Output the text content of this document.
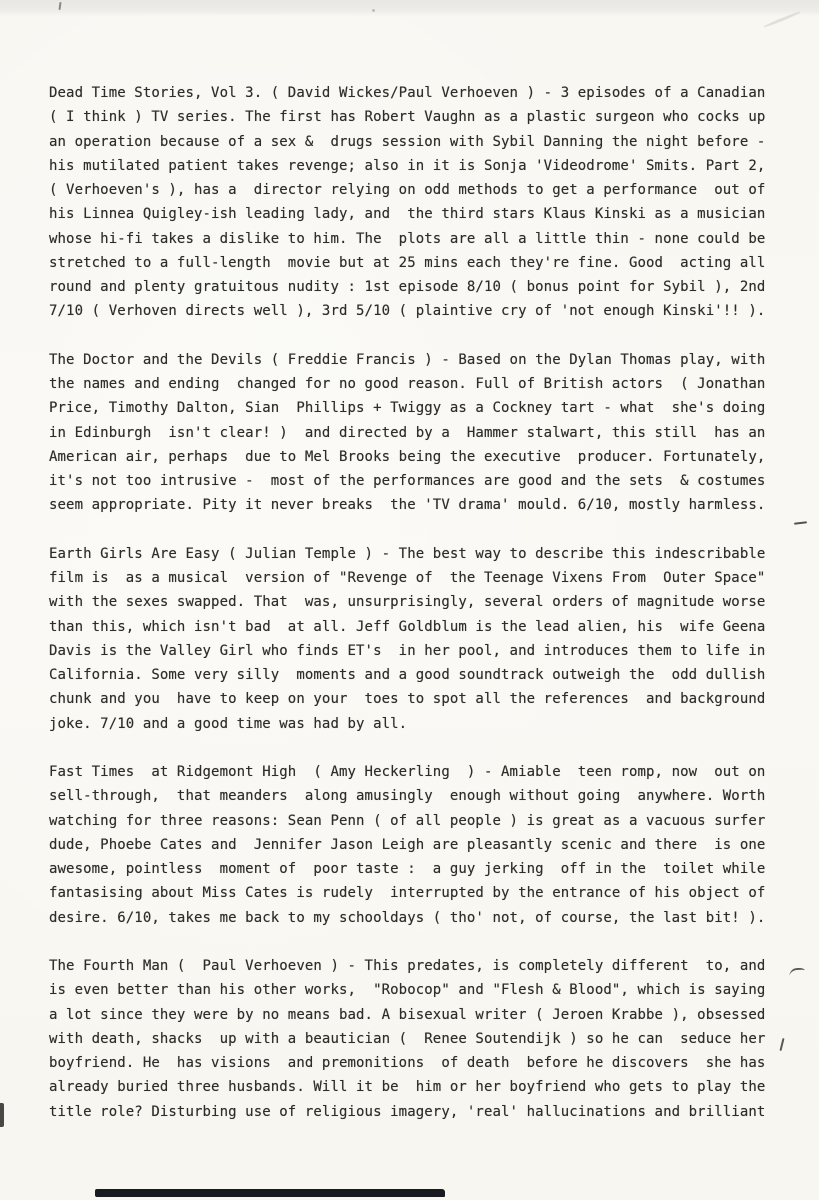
Dead Time Stories, Vol 3. ( David Wickes/Paul Verhoeven ) - 3 episodes of a Canadian
( I think ) TV series. The first has Robert Vaughn as a plastic surgeon who cocks up
an operation because of a sex &  drugs session with Sybil Danning the night before -
his mutilated patient takes revenge; also in it is Sonja 'Videodrome' Smits. Part 2,
( Verhoeven's ), has a  director relying on odd methods to get a performance  out of
his Linnea Quigley-ish leading lady, and  the third stars Klaus Kinski as a musician
whose hi-fi takes a dislike to him. The  plots are all a little thin - none could be
stretched to a full-length  movie but at 25 mins each they're fine. Good  acting all
round and plenty gratuitous nudity : 1st episode 8/10 ( bonus point for Sybil ), 2nd
7/10 ( Verhoven directs well ), 3rd 5/10 ( plaintive cry of 'not enough Kinski'!! ).
The Doctor and the Devils ( Freddie Francis ) - Based on the Dylan Thomas play, with
the names and ending  changed for no good reason. Full of British actors  ( Jonathan
Price, Timothy Dalton, Sian  Phillips + Twiggy as a Cockney tart - what  she's doing
in Edinburgh  isn't clear! )  and directed by a  Hammer stalwart, this still  has an
American air, perhaps  due to Mel Brooks being the executive  producer. Fortunately,
it's not too intrusive -  most of the performances are good and the sets  & costumes
seem appropriate. Pity it never breaks  the 'TV drama' mould. 6/10, mostly harmless.
Earth Girls Are Easy ( Julian Temple ) - The best way to describe this indescribable
film is  as a musical  version of "Revenge of  the Teenage Vixens From  Outer Space"
with the sexes swapped. That  was, unsurprisingly, several orders of magnitude worse
than this, which isn't bad  at all. Jeff Goldblum is the lead alien, his  wife Geena
Davis is the Valley Girl who finds ET's  in her pool, and introduces them to life in
California. Some very silly  moments and a good soundtrack outweigh the  odd dullish
chunk and you  have to keep on your  toes to spot all the references  and background
joke. 7/10 and a good time was had by all.
Fast Times  at Ridgemont High  ( Amy Heckerling  ) - Amiable  teen romp, now  out on
sell-through,  that meanders  along amusingly  enough without going  anywhere. Worth
watching for three reasons: Sean Penn ( of all people ) is great as a vacuous surfer
dude, Phoebe Cates and  Jennifer Jason Leigh are pleasantly scenic and there  is one
awesome, pointless  moment of  poor taste :  a guy jerking  off in the  toilet while
fantasising about Miss Cates is rudely  interrupted by the entrance of his object of
desire. 6/10, takes me back to my schooldays ( tho' not, of course, the last bit! ).
The Fourth Man (  Paul Verhoeven ) - This predates, is completely different  to, and
is even better than his other works,  "Robocop" and "Flesh & Blood", which is saying
a lot since they were by no means bad. A bisexual writer ( Jeroen Krabbe ), obsessed
with death, shacks  up with a beautician (  Renee Soutendijk ) so he can  seduce her
boyfriend. He  has visions  and premonitions  of death  before he discovers  she has
already buried three husbands. Will it be  him or her boyfriend who gets to play the
title role? Disturbing use of religious imagery, 'real' hallucinations and brilliant
